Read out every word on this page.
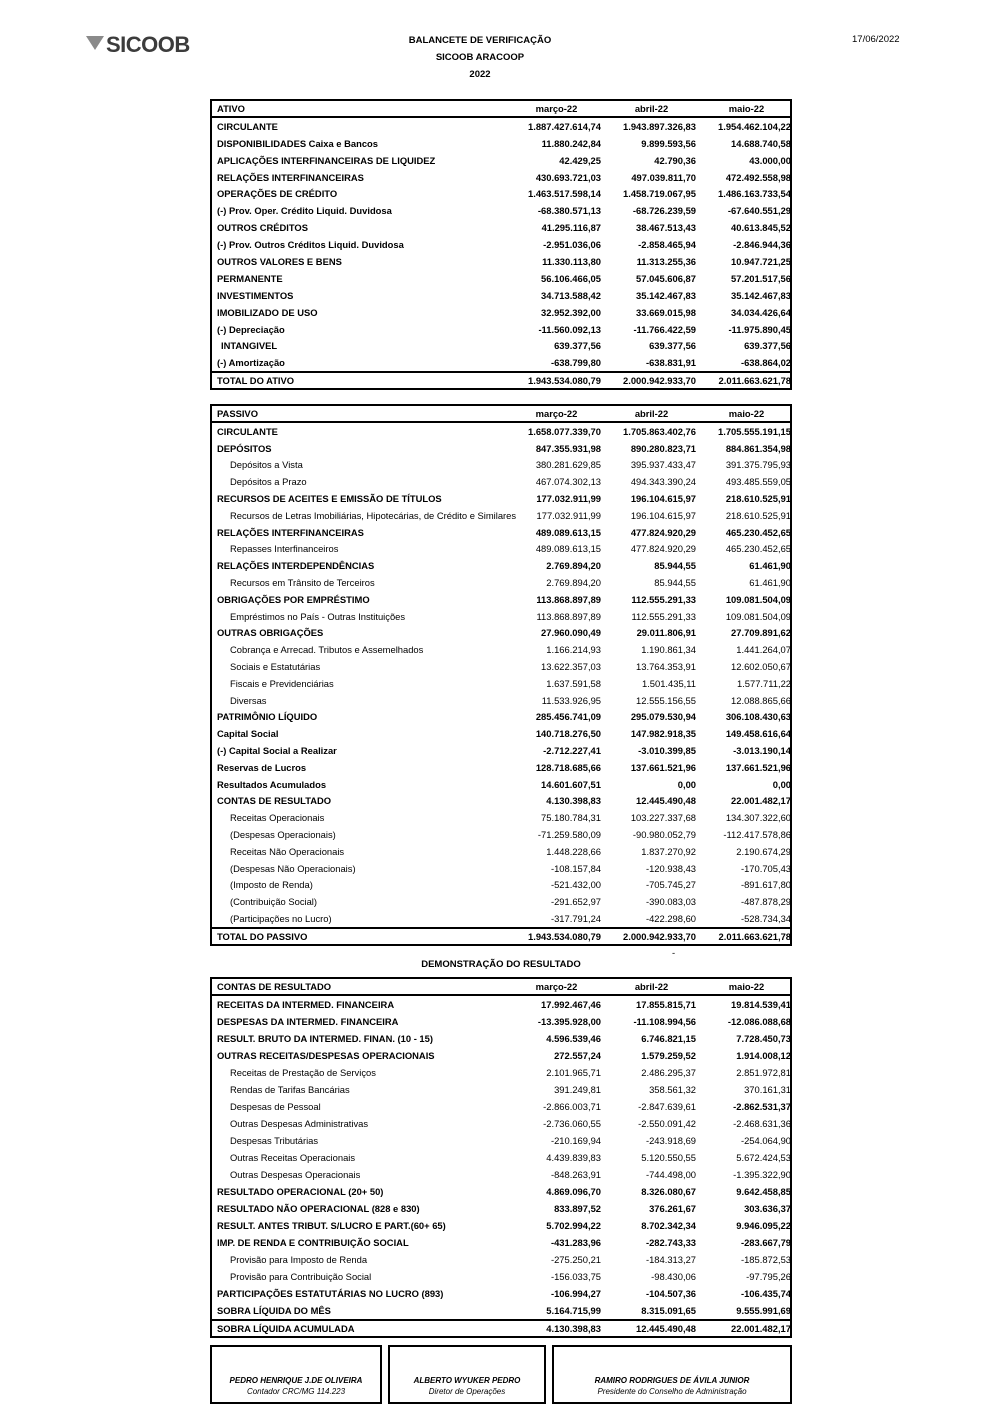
SICOOB	BALANCETE DE VERIFICAÇÃO
SICOOB ARACOOP
2022
17/06/2022
ATIVO	março-22	abril-22	maio-22
CIRCULANTE	1.887.427.614,74	1.943.897.326,83	1.954.462.104,22
DISPONIBILIDADES Caixa e Bancos	11.880.242,84	9.899.593,56	14.688.740,58
APLICAÇÕES INTERFINANCEIRAS DE LIQUIDEZ	42.429,25	42.790,36	43.000,00
RELAÇÕES INTERFINANCEIRAS	430.693.721,03	497.039.811,70	472.492.558,98
OPERAÇÕES DE CRÉDITO	1.463.517.598,14	1.458.719.067,95	1.486.163.733,54
(-) Prov. Oper. Crédito Liquid. Duvidosa	-68.380.571,13	-68.726.239,59	-67.640.551,29
OUTROS CRÉDITOS	41.295.116,87	38.467.513,43	40.613.845,52
(-) Prov. Outros Créditos Liquid. Duvidosa	-2.951.036,06	-2.858.465,94	-2.846.944,36
OUTROS VALORES E BENS	11.330.113,80	11.313.255,36	10.947.721,25
PERMANENTE	56.106.466,05	57.045.606,87	57.201.517,56
INVESTIMENTOS	34.713.588,42	35.142.467,83	35.142.467,83
IMOBILIZADO DE USO	32.952.392,00	33.669.015,98	34.034.426,64
(-) Depreciação	-11.560.092,13	-11.766.422,59	-11.975.890,45
INTANGIVEL	639.377,56	639.377,56	639.377,56
(-) Amortização	-638.799,80	-638.831,91	-638.864,02
TOTAL DO ATIVO	1.943.534.080,79	2.000.942.933,70	2.011.663.621,78
PASSIVO	março-22	abril-22	maio-22
CIRCULANTE	1.658.077.339,70	1.705.863.402,76	1.705.555.191,15
DEPÓSITOS	847.355.931,98	890.280.823,71	884.861.354,98
Depósitos a Vista	380.281.629,85	395.937.433,47	391.375.795,93
Depósitos a Prazo	467.074.302,13	494.343.390,24	493.485.559,05
RECURSOS DE ACEITES E EMISSÃO DE TÍTULOS	177.032.911,99	196.104.615,97	218.610.525,91
Recursos de Letras Imobiliárias, Hipotecárias, de Crédito e Similares	177.032.911,99	196.104.615,97	218.610.525,91
RELAÇÕES INTERFINANCEIRAS	489.089.613,15	477.824.920,29	465.230.452,65
Repasses Interfinanceiros	489.089.613,15	477.824.920,29	465.230.452,65
RELAÇÕES INTERDEPENDÊNCIAS	2.769.894,20	85.944,55	61.461,90
Recursos em Trânsito de Terceiros	2.769.894,20	85.944,55	61.461,90
OBRIGAÇÕES POR EMPRÉSTIMO	113.868.897,89	112.555.291,33	109.081.504,09
Empréstimos no País - Outras Instituições	113.868.897,89	112.555.291,33	109.081.504,09
OUTRAS OBRIGAÇÕES	27.960.090,49	29.011.806,91	27.709.891,62
Cobrança e Arrecad. Tributos e Assemelhados	1.166.214,93	1.190.861,34	1.441.264,07
Sociais e Estatutárias	13.622.357,03	13.764.353,91	12.602.050,67
Fiscais e Previdenciárias	1.637.591,58	1.501.435,11	1.577.711,22
Diversas	11.533.926,95	12.555.156,55	12.088.865,66
PATRIMÔNIO LÍQUIDO	285.456.741,09	295.079.530,94	306.108.430,63
Capital Social	140.718.276,50	147.982.918,35	149.458.616,64
(-) Capital Social a Realizar	-2.712.227,41	-3.010.399,85	-3.013.190,14
Reservas de Lucros	128.718.685,66	137.661.521,96	137.661.521,96
Resultados Acumulados	14.601.607,51	0,00	0,00
CONTAS DE RESULTADO	4.130.398,83	12.445.490,48	22.001.482,17
Receitas Operacionais	75.180.784,31	103.227.337,68	134.307.322,60
(Despesas Operacionais)	-71.259.580,09	-90.980.052,79	-112.417.578,86
Receitas Não Operacionais	1.448.228,66	1.837.270,92	2.190.674,29
(Despesas Não Operacionais)	-108.157,84	-120.938,43	-170.705,43
(Imposto de Renda)	-521.432,00	-705.745,27	-891.617,80
(Contribuição Social)	-291.652,97	-390.083,03	-487.878,29
(Participações no Lucro)	-317.791,24	-422.298,60	-528.734,34
TOTAL DO PASSIVO	1.943.534.080,79	2.000.942.933,70	2.011.663.621,78
-
DEMONSTRAÇÃO DO RESULTADO
CONTAS DE RESULTADO	março-22	abril-22	maio-22
RECEITAS DA INTERMED. FINANCEIRA	17.992.467,46	17.855.815,71	19.814.539,41
DESPESAS DA INTERMED. FINANCEIRA	-13.395.928,00	-11.108.994,56	-12.086.088,68
RESULT. BRUTO DA INTERMED. FINAN. (10 - 15)	4.596.539,46	6.746.821,15	7.728.450,73
OUTRAS RECEITAS/DESPESAS OPERACIONAIS	272.557,24	1.579.259,52	1.914.008,12
Receitas de Prestação de Serviços	2.101.965,71	2.486.295,37	2.851.972,81
Rendas de Tarifas Bancárias	391.249,81	358.561,32	370.161,31
Despesas de Pessoal	-2.866.003,71	-2.847.639,61	-2.862.531,37
Outras Despesas Administrativas	-2.736.060,55	-2.550.091,42	-2.468.631,36
Despesas Tributárias	-210.169,94	-243.918,69	-254.064,90
Outras Receitas Operacionais	4.439.839,83	5.120.550,55	5.672.424,53
Outras Despesas Operacionais	-848.263,91	-744.498,00	-1.395.322,90
RESULTADO OPERACIONAL (20+ 50)	4.869.096,70	8.326.080,67	9.642.458,85
RESULTADO NÃO OPERACIONAL (828 e 830)	833.897,52	376.261,67	303.636,37
RESULT. ANTES TRIBUT. S/LUCRO E PART.(60+ 65)	5.702.994,22	8.702.342,34	9.946.095,22
IMP. DE RENDA E CONTRIBUIÇÃO SOCIAL	-431.283,96	-282.743,33	-283.667,79
Provisão para Imposto de Renda	-275.250,21	-184.313,27	-185.872,53
Provisão para Contribuição Social	-156.033,75	-98.430,06	-97.795,26
PARTICIPAÇÕES ESTATUTÁRIAS NO LUCRO (893)	-106.994,27	-104.507,36	-106.435,74
SOBRA LÍQUIDA DO MÊS	5.164.715,99	8.315.091,65	9.555.991,69
SOBRA LÍQUIDA ACUMULADA	4.130.398,83	12.445.490,48	22.001.482,17
PEDRO HENRIQUE J.DE OLIVEIRA
Contador CRC/MG 114.223
ALBERTO WYUKER PEDRO
Diretor de Operações
RAMIRO RODRIGUES DE ÁVILA JUNIOR
Presidente do Conselho de Administração
